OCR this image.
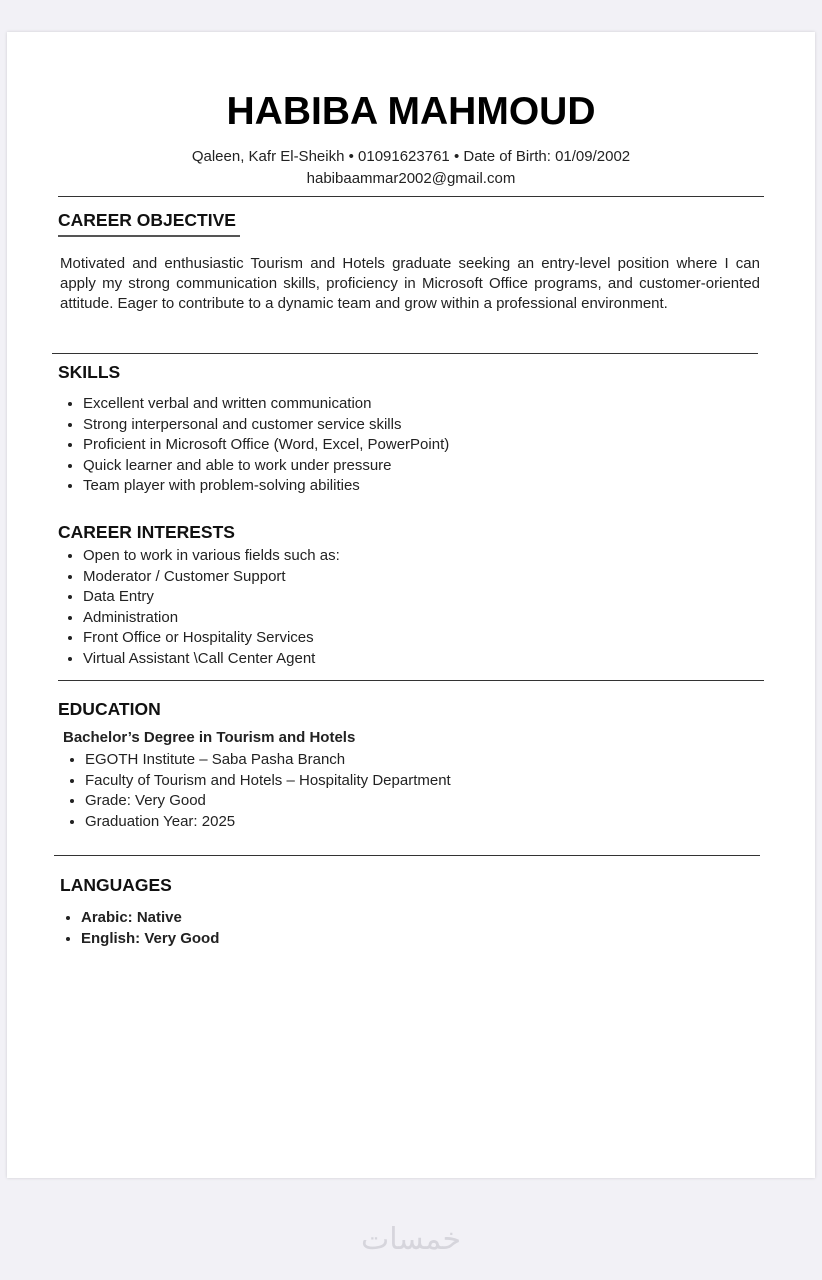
HABIBA MAHMOUD
Qaleen, Kafr El-Sheikh • 01091623761 • Date of Birth: 01/09/2002
habibaammar2002@gmail.com
CAREER OBJECTIVE
Motivated and enthusiastic Tourism and Hotels graduate seeking an entry-level position where I can apply my strong communication skills, proficiency in Microsoft Office programs, and customer-oriented attitude. Eager to contribute to a dynamic team and grow within a professional environment.
SKILLS
• Excellent verbal and written communication
• Strong interpersonal and customer service skills
• Proficient in Microsoft Office (Word, Excel, PowerPoint)
• Quick learner and able to work under pressure
• Team player with problem-solving abilities
CAREER INTERESTS
• Open to work in various fields such as:
• Moderator / Customer Support
• Data Entry
• Administration
• Front Office or Hospitality Services
• Virtual Assistant \Call Center Agent
EDUCATION
Bachelor’s Degree in Tourism and Hotels
• EGOTH Institute – Saba Pasha Branch
• Faculty of Tourism and Hotels – Hospitality Department
• Grade: Very Good
• Graduation Year: 2025
LANGUAGES
• Arabic: Native
• English: Very Good
خمسات
